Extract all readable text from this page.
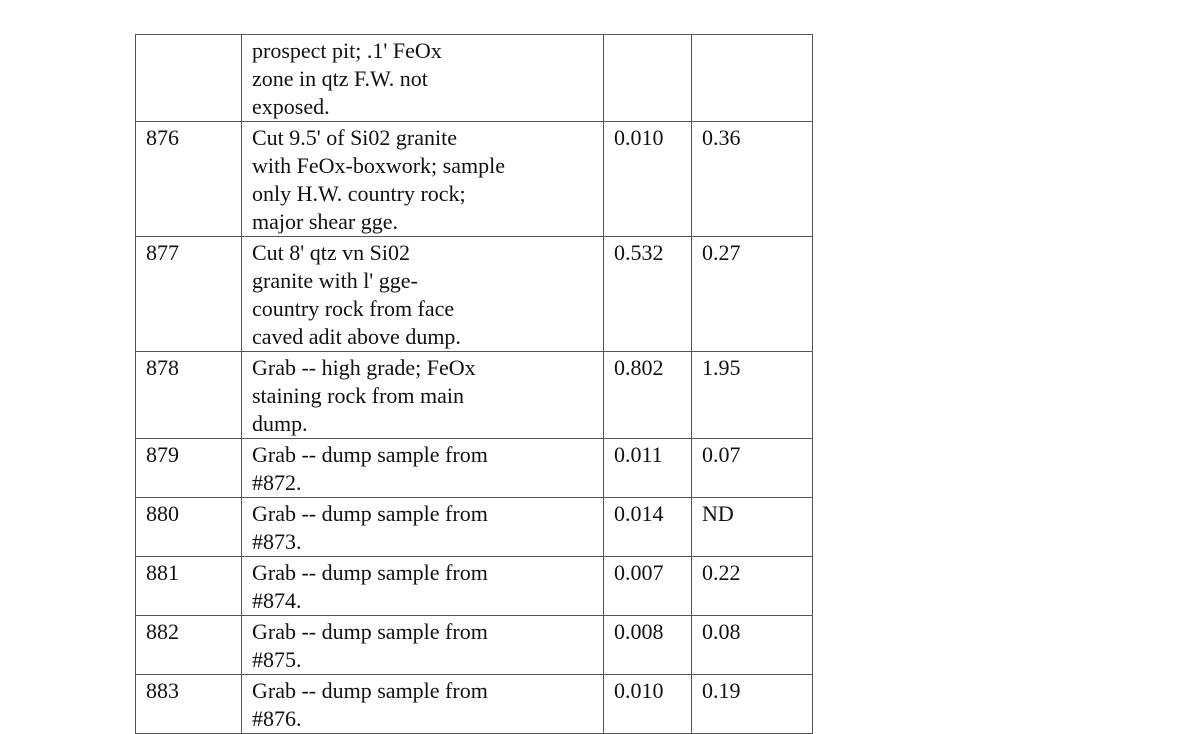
	prospect pit; .1' FeOx
zone in qtz F.W. not
exposed.		

876	Cut 9.5' of Si02 granite
with FeOx-boxwork; sample
only H.W. country rock;
major shear gge.	0.010	0.36
877	Cut 8' qtz vn Si02
granite with l' gge-
country rock from face
caved adit above dump.	0.532	0.27
878	Grab -- high grade; FeOx
staining rock from main
dump.	0.802	1.95
879	Grab -- dump sample from
#872.	0.011	0.07
880	Grab -- dump sample from
#873.	0.014	ND
881	Grab -- dump sample from
#874.	0.007	0.22
882	Grab -- dump sample from
#875.	0.008	0.08
883	Grab -- dump sample from
#876.	0.010	0.19
